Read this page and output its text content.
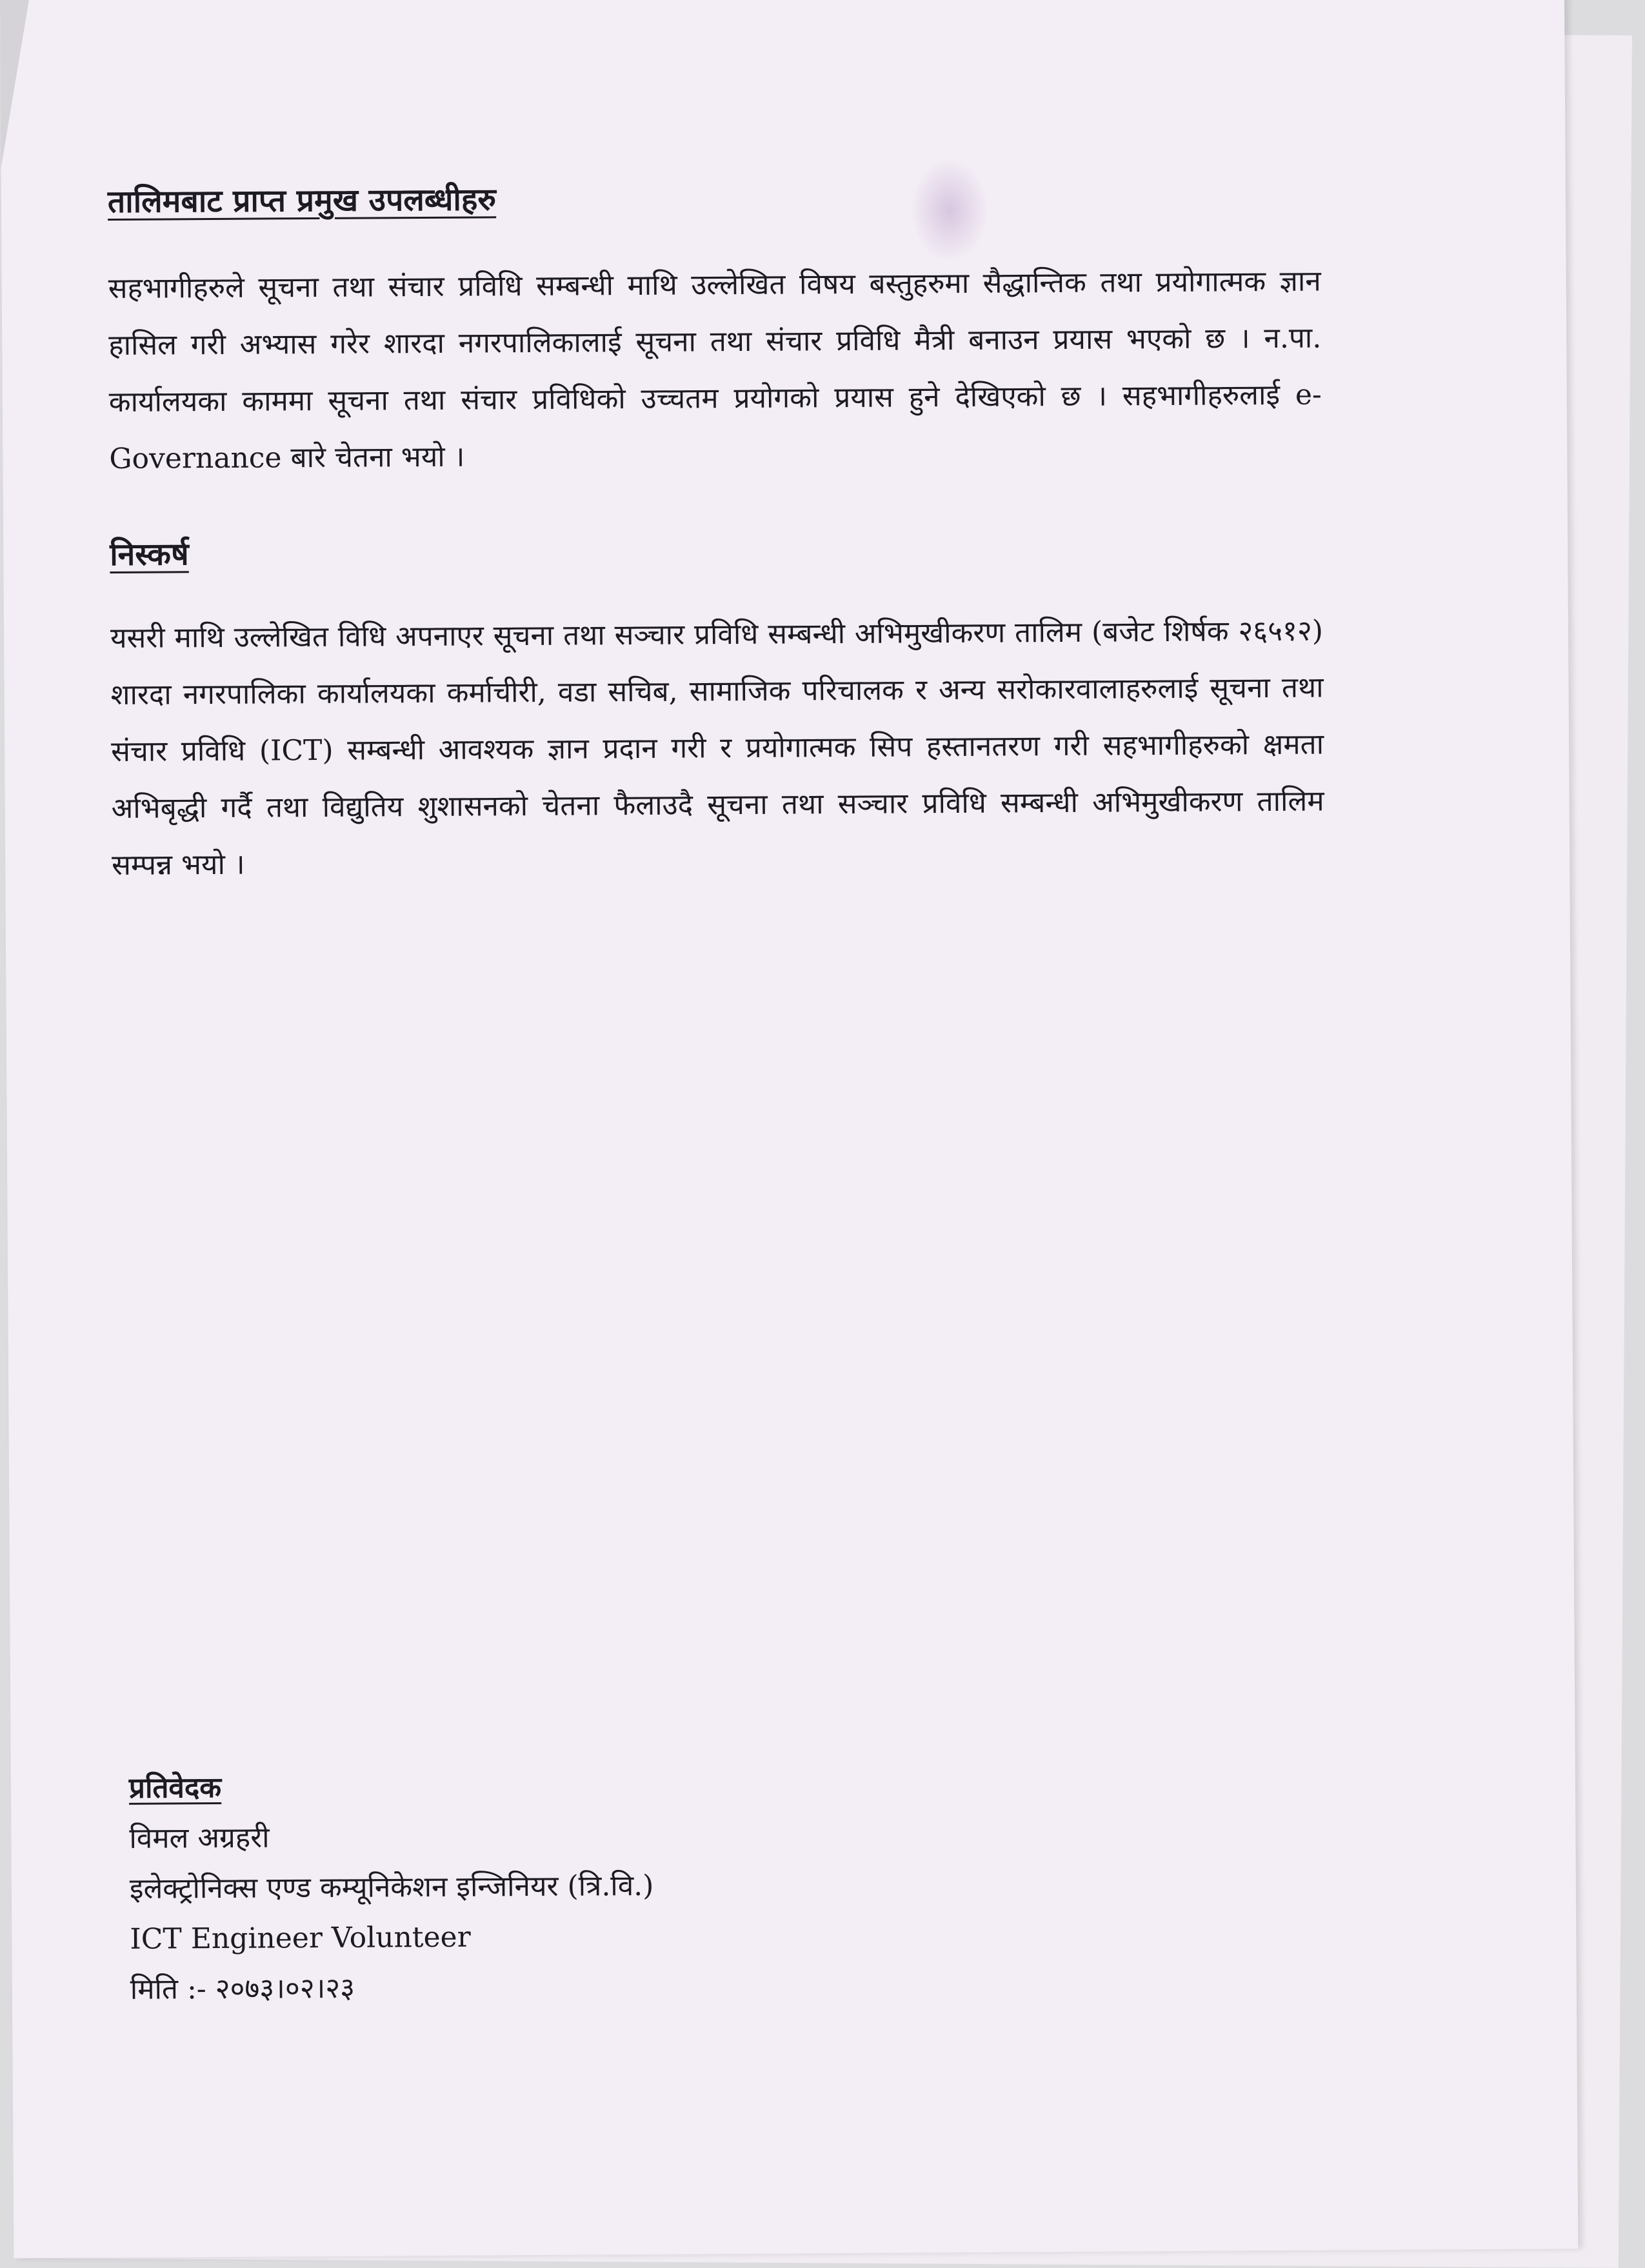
तालिमबाट प्राप्त प्रमुख उपलब्धीहरु

सहभागीहरुले सूचना तथा संचार प्रविधि सम्बन्धी माथि उल्लेखित विषय बस्तुहरुमा सैद्धान्तिक तथा प्रयोगात्मक ज्ञान हासिल गरी अभ्यास गरेर शारदा नगरपालिकालाई सूचना तथा संचार प्रविधि मैत्री बनाउन प्रयास भएको छ । न.पा. कार्यालयका काममा सूचना तथा संचार प्रविधिको उच्चतम प्रयोगको प्रयास हुने देखिएको छ । सहभागीहरुलाई e-Governance बारे चेतना भयो ।

निस्कर्ष

यसरी माथि उल्लेखित विधि अपनाएर सूचना तथा सञ्चार प्रविधि सम्बन्धी अभिमुखीकरण तालिम (बजेट शिर्षक २६५१२) शारदा नगरपालिका कार्यालयका कर्माचीरी, वडा सचिब, सामाजिक परिचालक र अन्य सरोकारवालाहरुलाई सूचना तथा संचार प्रविधि (ICT) सम्बन्धी आवश्यक ज्ञान प्रदान गरी र प्रयोगात्मक सिप हस्तानतरण गरी सहभागीहरुको क्षमता अभिबृद्धी गर्दै तथा विद्युतिय शुशासनको चेतना फैलाउदै सूचना तथा सञ्चार प्रविधि सम्बन्धी अभिमुखीकरण तालिम सम्पन्न भयो ।

प्रतिवेदक
विमल अग्रहरी
इलेक्ट्रोनिक्स एण्ड कम्यूनिकेशन इन्जिनियर (त्रि.वि.)
ICT Engineer Volunteer
मिति :- २०७३।०२।२३
